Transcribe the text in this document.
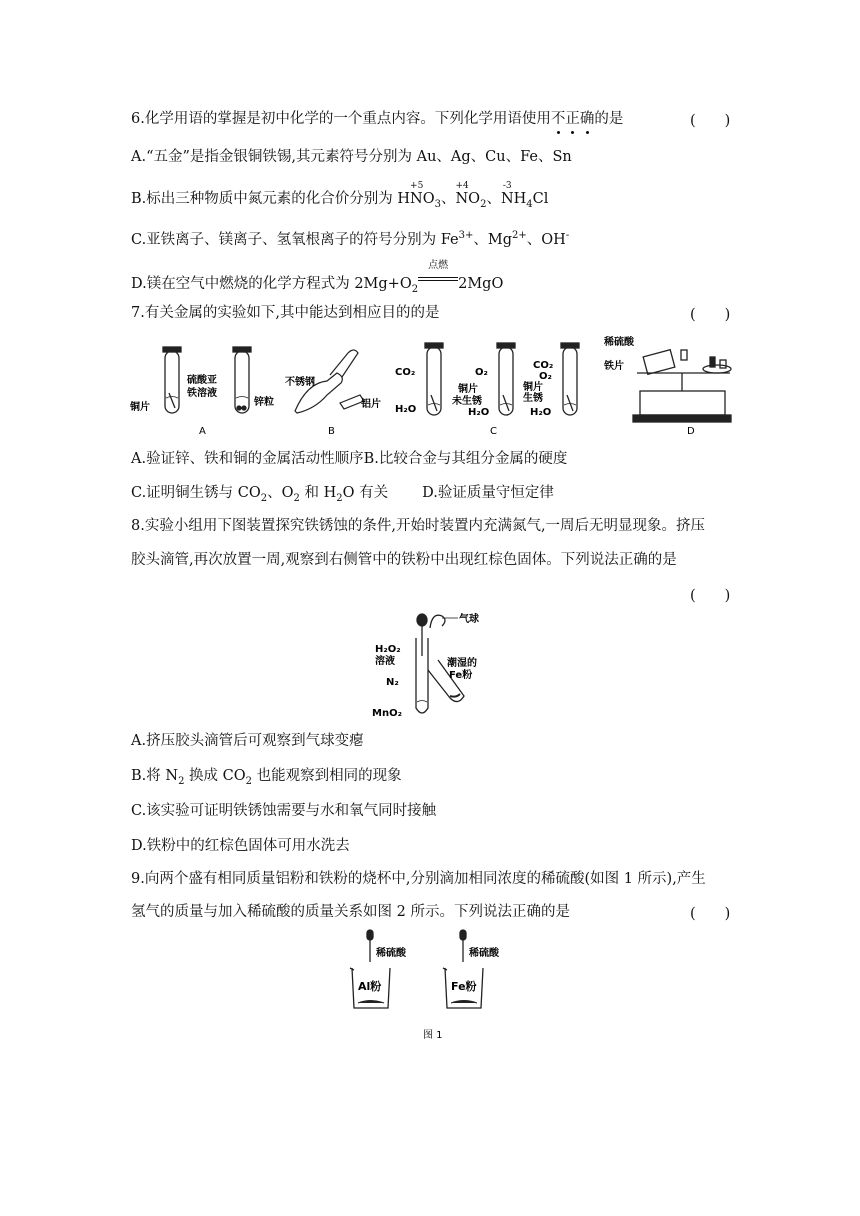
6.化学用语的掌握是初中化学的一个重点内容。下列化学用语使用不正确的是	(　　)
A.“五金”是指金银铜铁锡,其元素符号分别为 Au、Ag、Cu、Fe、Sn
B.标出三种物质中氮元素的化合价分别为 H
+5
$NO_3$、
+4
$NO_2$、
-3
$NH_4Cl$
C.亚铁离子、镁离子、氢氧根离子的符号分别为 $Fe^{3+}$、$Mg^{2+}$、OH-
D.镁在空气中燃烧的化学方程式为 $2Mg+O_2$
点燃
2MgO
7.有关金属的实验如下,其中能达到相应目的的是	(　　)
硫酸亚
铁溶液
铜片	锌粒
A
不锈钢
铝片
B
CO₂
H₂O
O₂
铜片
未生锈
H₂O
CO₂
O₂
铜片
生锈
H₂O
C
稀硫酸
铁片
D
A.验证锌、铁和铜的金属活动性顺序B.比较合金与其组分金属的硬度
C.证明铜生锈与 $CO_2$、$O_2$ 和 $H_2O$ 有关 D.验证质量守恒定律
8.实验小组用下图装置探究铁锈蚀的条件,开始时装置内充满氮气,一周后无明显现象。挤压
胶头滴管,再次放置一周,观察到右侧管中的铁粉中出现红棕色固体。下列说法正确的是
(　　)
气球
H₂O₂
溶液
N₂
潮湿的
Fe粉
MnO₂
A.挤压胶头滴管后可观察到气球变瘪
B.将 $N_2$ 换成 $CO_2$ 也能观察到相同的现象
C.该实验可证明铁锈蚀需要与水和氧气同时接触
D.铁粉中的红棕色固体可用水洗去
9.向两个盛有相同质量铝粉和铁粉的烧杯中,分别滴加相同浓度的稀硫酸(如图 1 所示),产生
氢气的质量与加入稀硫酸的质量关系如图 2 所示。下列说法正确的是	(　　)
稀硫酸	稀硫酸
Al粉	Fe粉
图 1
